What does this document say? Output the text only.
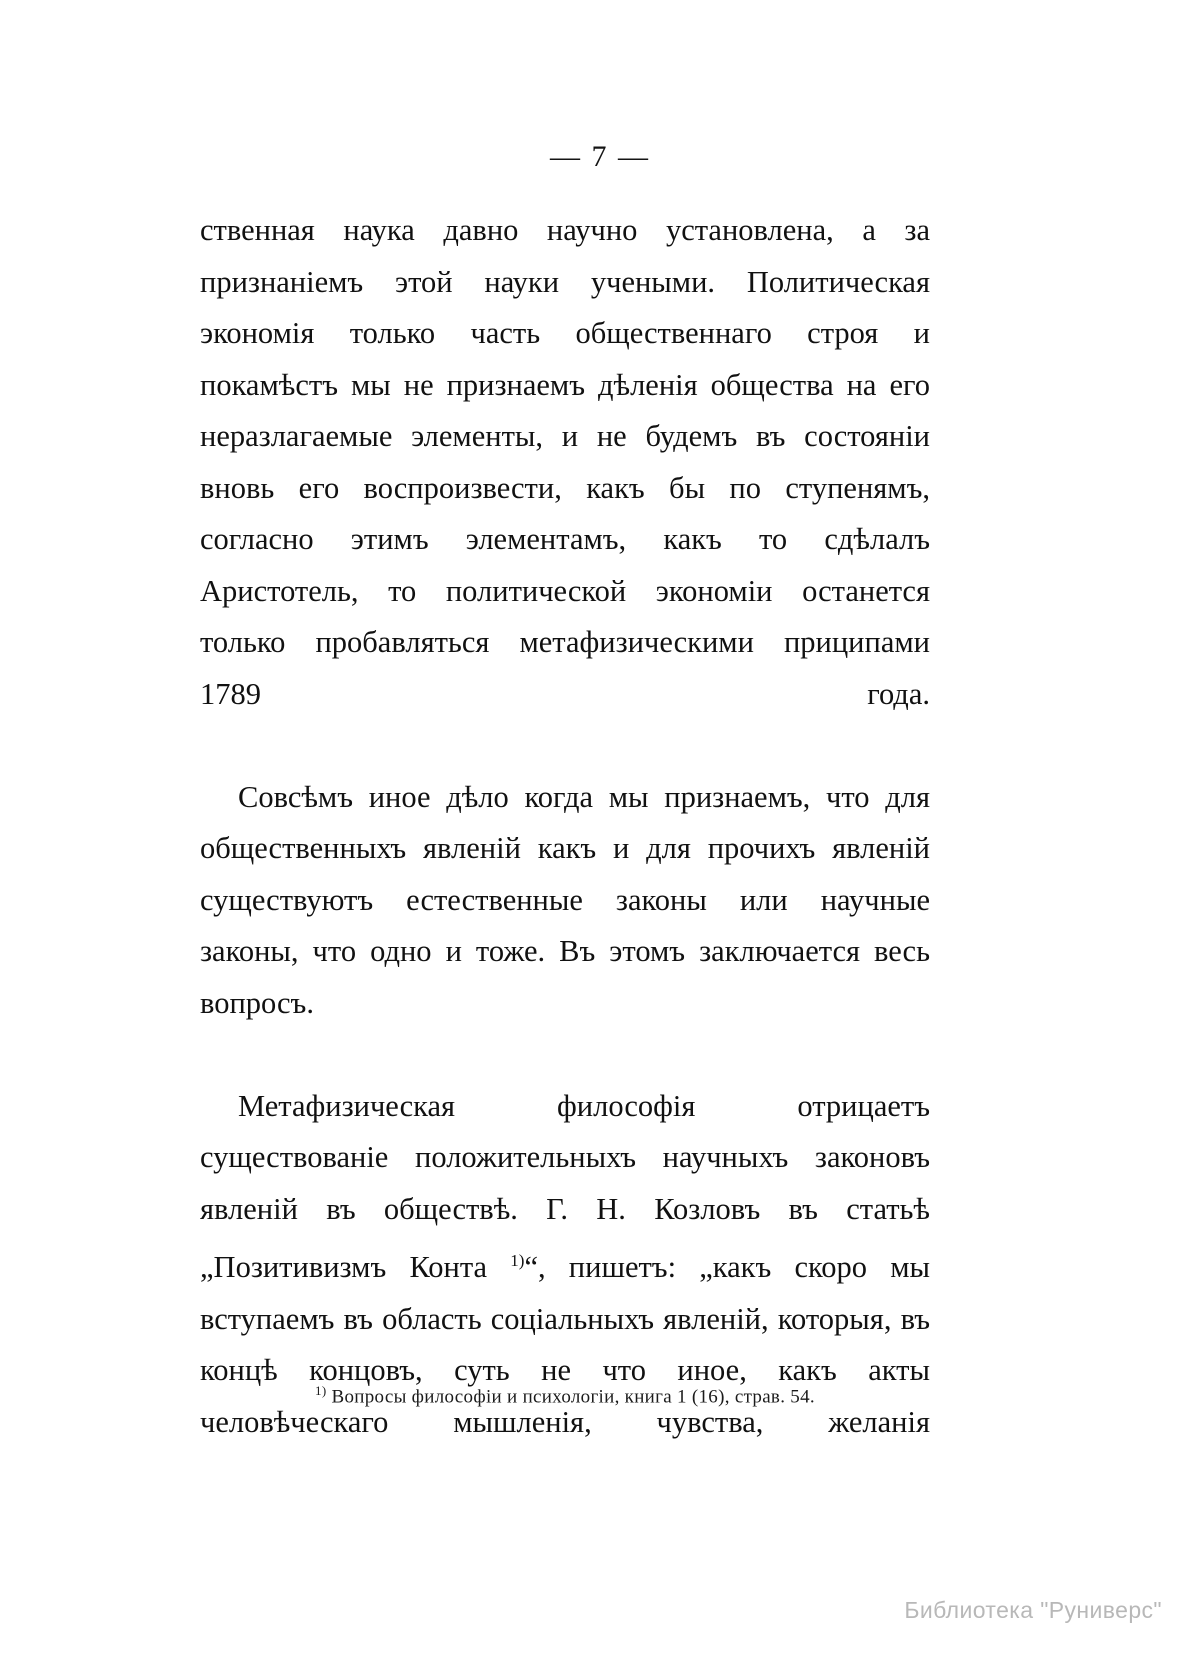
— 7 —

ственная наука давно научно установлена, а за признаніемъ этой науки учеными. Политическая экономія только часть общественнаго строя и покамѣстъ мы не признаемъ дѣленія общества на его неразлагаемые элементы, и не будемъ въ состояніи вновь его воспроизвести, какъ бы по ступенямъ, согласно этимъ элементамъ, какъ то сдѣлалъ Аристотель, то политической экономіи останется только пробавляться метафизическими приципами 1789 года.

Совсѣмъ иное дѣло когда мы признаемъ, что для общественныхъ явленій какъ и для прочихъ явленій существуютъ естественные законы или научные законы, что одно и тоже. Въ этомъ заключается весь вопросъ.

Метафизическая философія отрицаетъ существованіе положительныхъ научныхъ законовъ явленій въ обществѣ. Г. Н. Козловъ въ статьѣ „Позитивизмъ Конта $^{1)}$“, пишетъ: „какъ скоро мы вступаемъ въ область соціальныхъ явленій, которыя, въ концѣ концовъ, суть не что иное, какъ акты человѣческаго мышленія, чувства, желанія

$^{1)}$ Вопросы философіи и психологіи, книга 1 (16), страв. 54.
Библиотека "Рунивеpc"
